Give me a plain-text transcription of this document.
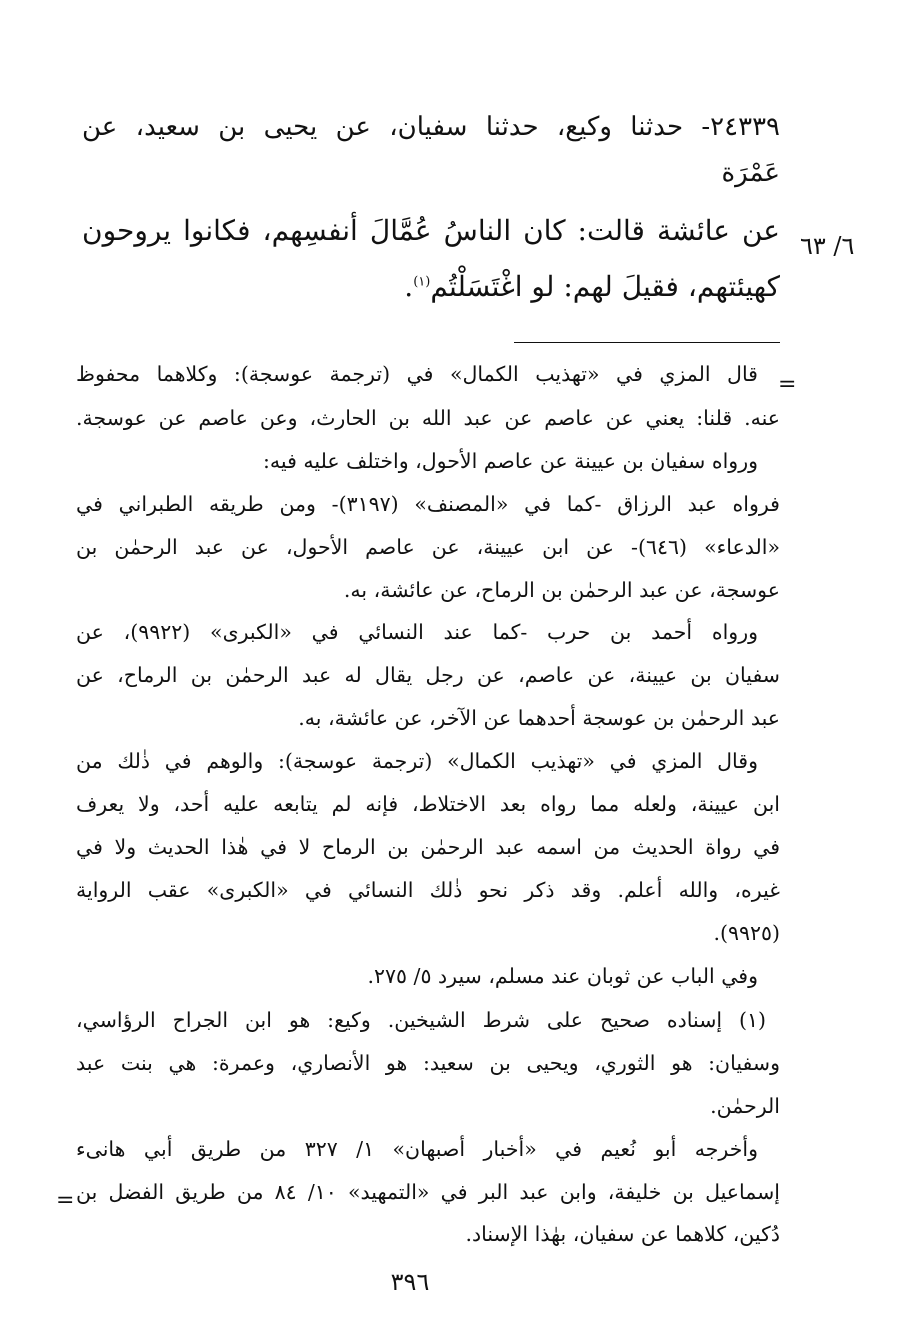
٢٤٣٣٩- حدثنا وكيع، حدثنا سفيان، عن يحيى بن سعيد، عن
عَمْرَة
عن عائشة قالت: كان الناسُ عُمَّالَ أنفسِهم، فكانوا يروحون
كهيئتهم، فقيلَ لهم: لو اغْتَسَلْتُم$^{(١)}$.
٦/ ٦٣
=
قال المزي في «تهذيب الكمال» في (ترجمة عوسجة): وكلاهما محفوظ
عنه. قلنا: يعني عن عاصم عن عبد الله بن الحارث، وعن عاصم عن عوسجة.
ورواه سفيان بن عيينة عن عاصم الأحول، واختلف عليه فيه:
فرواه عبد الرزاق -كما في «المصنف» (٣١٩٧)- ومن طريقه الطبراني في
«الدعاء» (٦٤٦)- عن ابن عيينة، عن عاصم الأحول، عن عبد الرحمٰن بن
عوسجة، عن عبد الرحمٰن بن الرماح، عن عائشة، به.
ورواه أحمد بن حرب -كما عند النسائي في «الكبرى» (٩٩٢٢)، عن
سفيان بن عيينة، عن عاصم، عن رجل يقال له عبد الرحمٰن بن الرماح، عن
عبد الرحمٰن بن عوسجة أحدهما عن الآخر، عن عائشة، به.
وقال المزي في «تهذيب الكمال» (ترجمة عوسجة): والوهم في ذٰلك من
ابن عيينة، ولعله مما رواه بعد الاختلاط، فإنه لم يتابعه عليه أحد، ولا يعرف
في رواة الحديث من اسمه عبد الرحمٰن بن الرماح لا في هٰذا الحديث ولا في
غيره، والله أعلم. وقد ذكر نحو ذٰلك النسائي في «الكبرى» عقب الرواية
(٩٩٢٥).
وفي الباب عن ثوبان عند مسلم، سيرد ٥/ ٢٧٥.
(١) إسناده صحيح على شرط الشيخين. وكيع: هو ابن الجراح الرؤاسي،
وسفيان: هو الثوري، ويحيى بن سعيد: هو الأنصاري، وعمرة: هي بنت عبد
الرحمٰن.
وأخرجه أبو نُعيم في «أخبار أصبهان» ١/ ٣٢٧ من طريق أبي هانىء
إسماعيل بن خليفة، وابن عبد البر في «التمهيد» ١٠/ ٨٤ من طريق الفضل بن
دُكين، كلاهما عن سفيان، بهٰذا الإسناد.
=
٣٩٦
